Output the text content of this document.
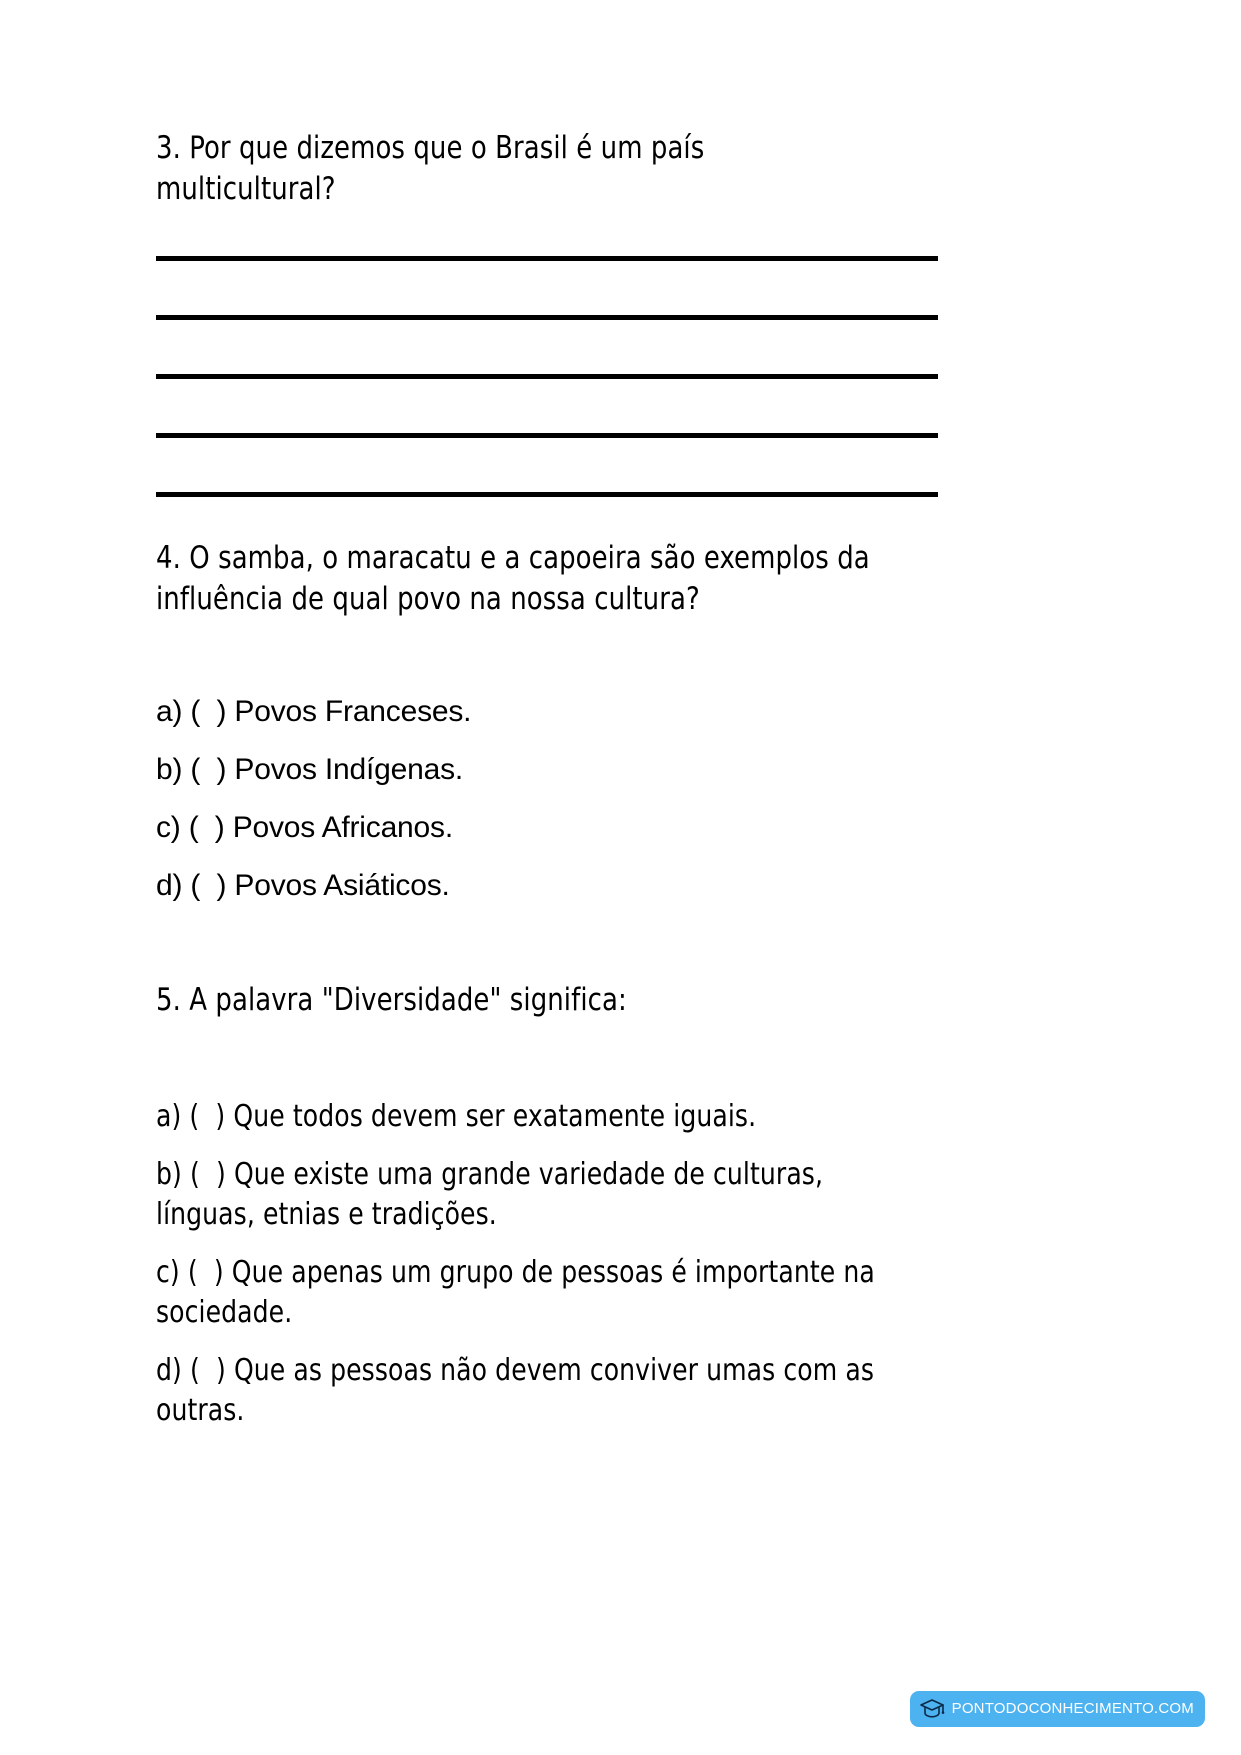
3. Por que dizemos que o Brasil é um país multicultural?
4. O samba, o maracatu e a capoeira são exemplos da influência de qual povo na nossa cultura?
a) (  ) Povos Franceses.
b) (  ) Povos Indígenas.
c) (  ) Povos Africanos.
d) (  ) Povos Asiáticos.
5. A palavra "Diversidade" significa:
a) (  ) Que todos devem ser exatamente iguais.
b) (  ) Que existe uma grande variedade de culturas, línguas, etnias e tradições.
c) (  ) Que apenas um grupo de pessoas é importante na sociedade.
d) (  ) Que as pessoas não devem conviver umas com as outras.
PONTODOCONHECIMENTO.COM
